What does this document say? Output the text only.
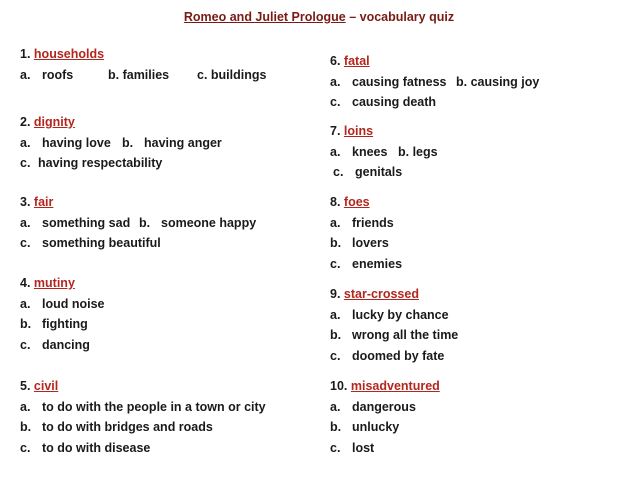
Romeo and Juliet Prologue – vocabulary quiz
1. households
a. roofs	b. families c. buildings
2. dignity
a. having love b. having anger
c. having respectability
3. fair
a. something sad b. someone happy
c. something beautiful
4. mutiny
a. loud noise
b. fighting
c. dancing
5. civil
a. to do with the people in a town or city
b. to do with bridges and roads
c. to do with disease
6. fatal
a. causing fatness b. causing joy
c. causing death
7. loins
a. knees b. legs
c. genitals
8. foes
a. friends
b. lovers
c. enemies
9. star-crossed
a. lucky by chance
b. wrong all the time
c. doomed by fate
10. misadventured
a. dangerous
b. unlucky
c. lost
